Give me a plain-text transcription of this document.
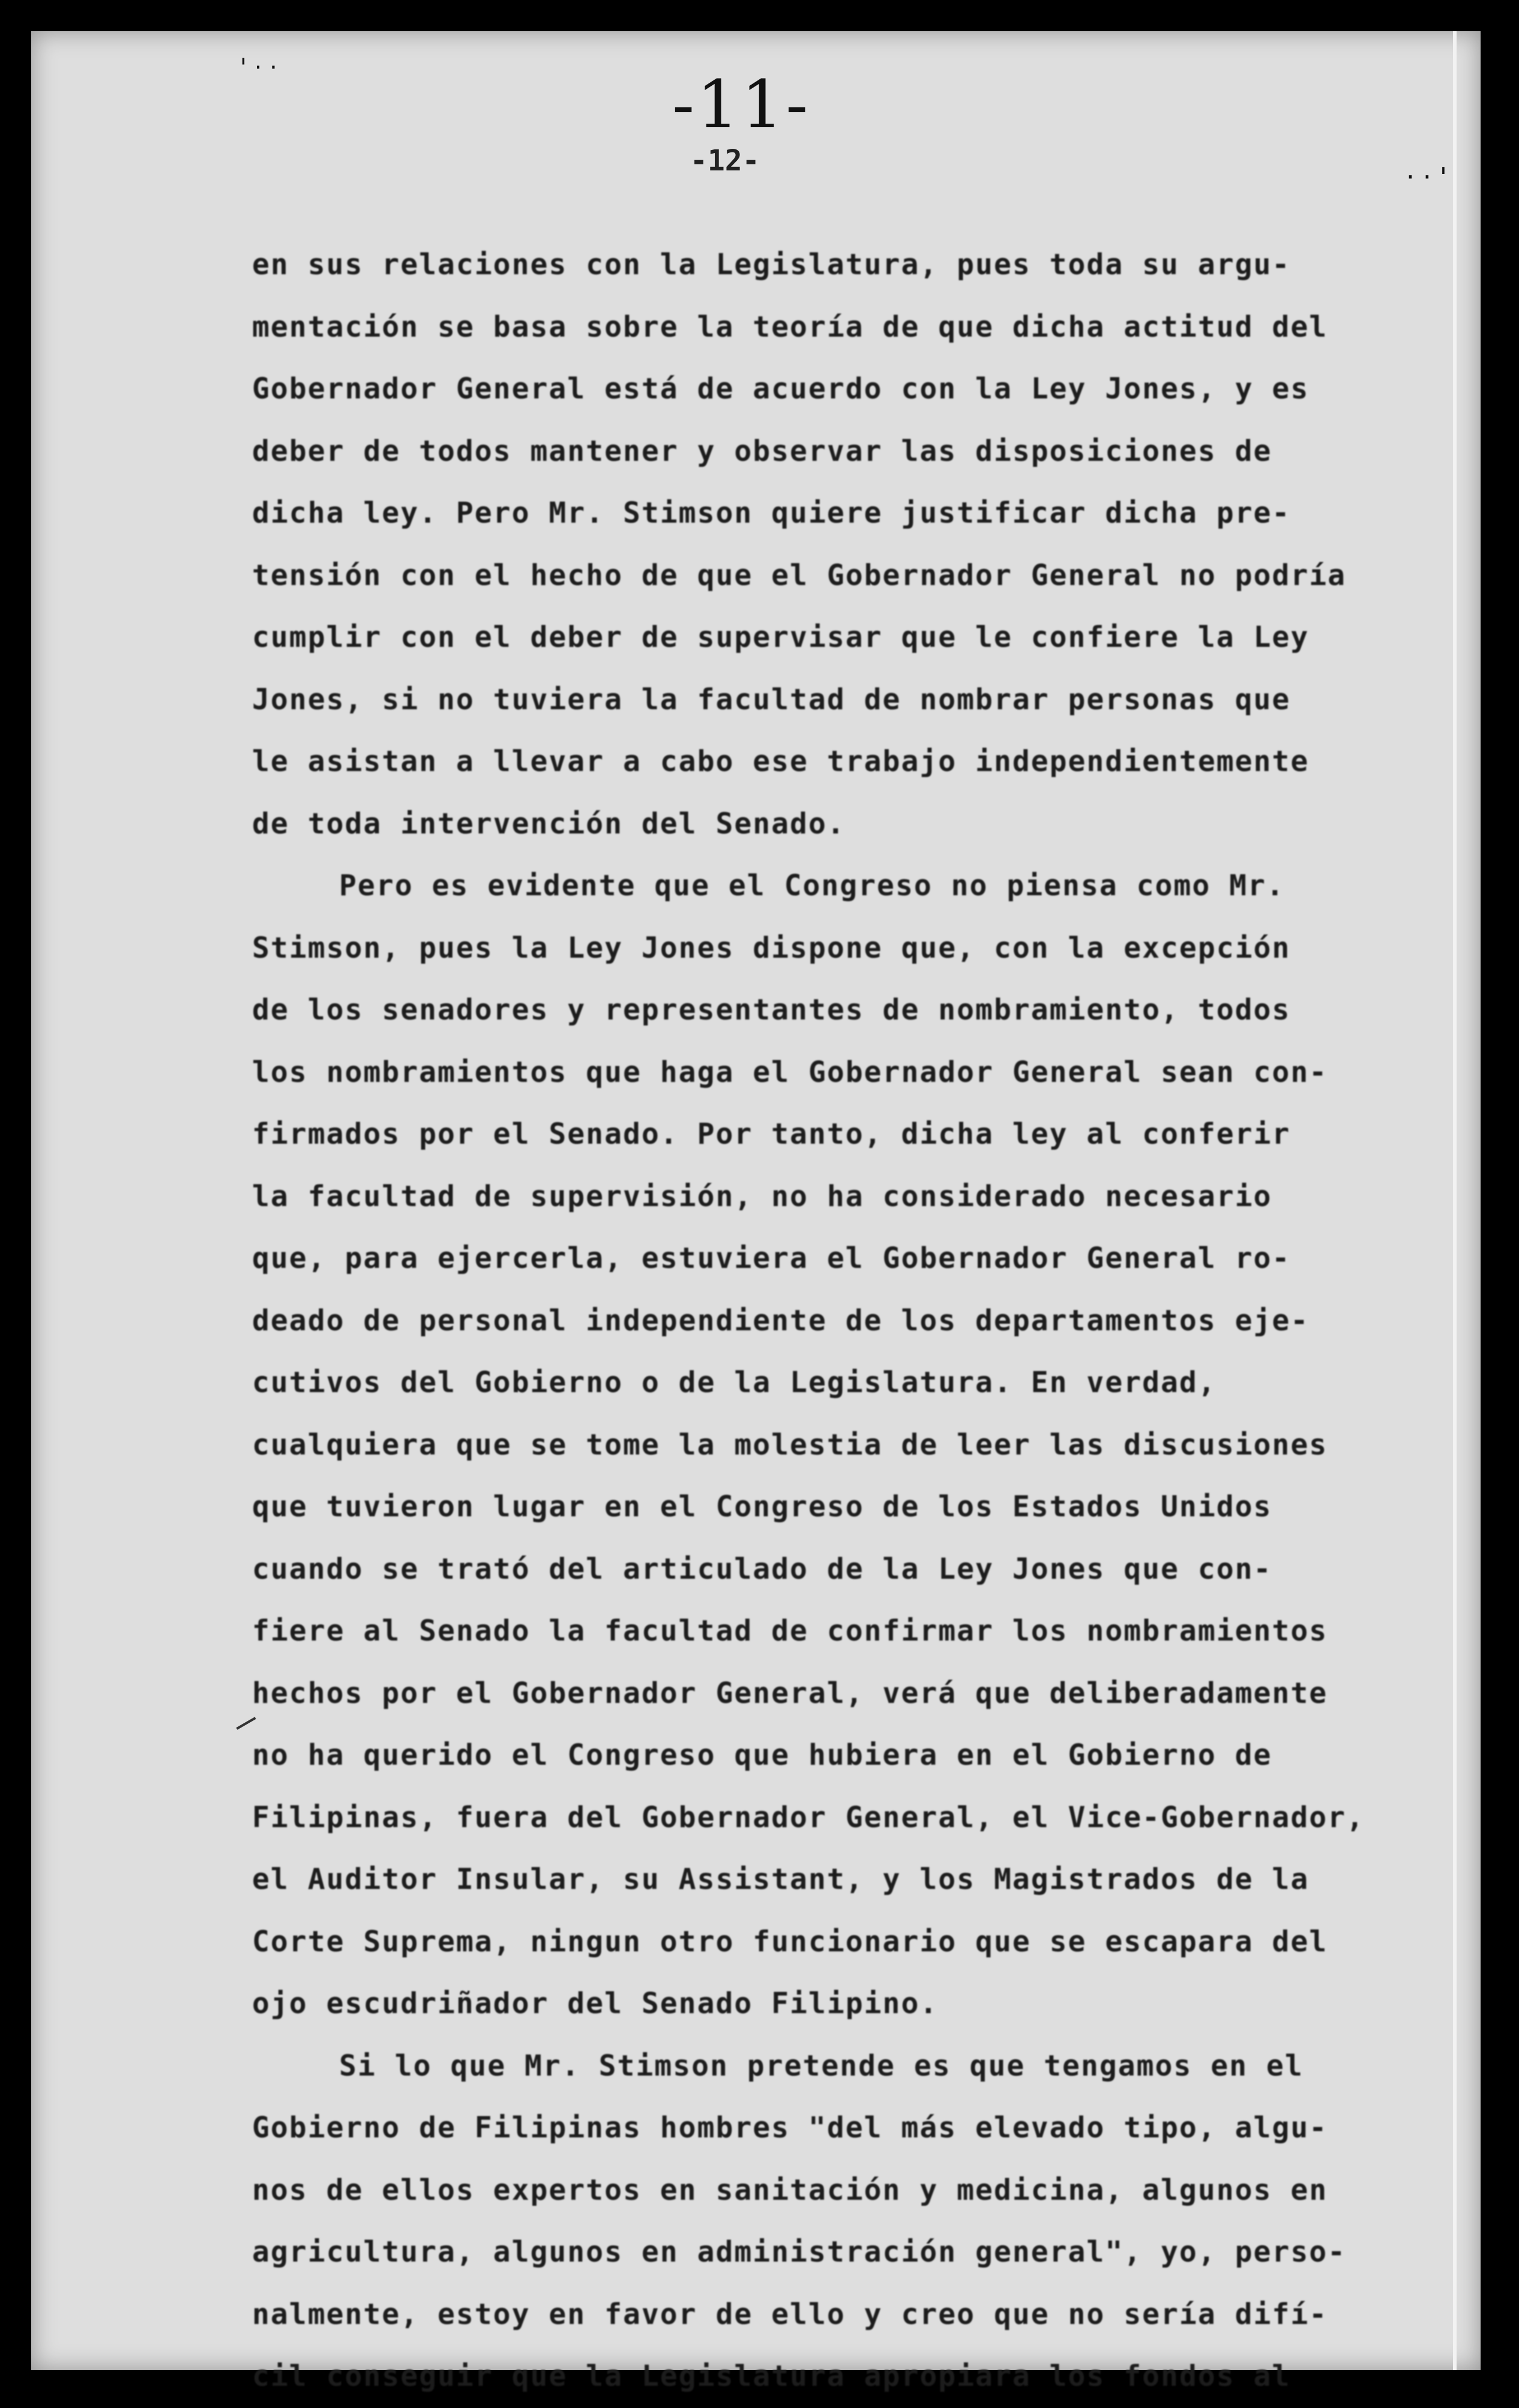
' · ·	-11-
-12-	· · '
en sus relaciones con la Legislatura, pues toda su argu-
mentación se basa sobre la teoría de que dicha actitud del
Gobernador General está de acuerdo con la Ley Jones, y es
deber de todos mantener y observar las disposiciones de
dicha ley. Pero Mr. Stimson quiere justificar dicha pre-
tensión con el hecho de que el Gobernador General no podría
cumplir con el deber de supervisar que le confiere la Ley
Jones, si no tuviera la facultad de nombrar personas que
le asistan a llevar a cabo ese trabajo independientemente
de toda intervención del Senado.
Pero es evidente que el Congreso no piensa como Mr.
Stimson, pues la Ley Jones dispone que, con la excepción
de los senadores y representantes de nombramiento, todos
los nombramientos que haga el Gobernador General sean con-
firmados por el Senado. Por tanto, dicha ley al conferir
la facultad de supervisión, no ha considerado necesario
que, para ejercerla, estuviera el Gobernador General ro-
deado de personal independiente de los departamentos eje-
cutivos del Gobierno o de la Legislatura. En verdad,
cualquiera que se tome la molestia de leer las discusiones
que tuvieron lugar en el Congreso de los Estados Unidos
cuando se trató del articulado de la Ley Jones que con-
fiere al Senado la facultad de confirmar los nombramientos
hechos por el Gobernador General, verá que deliberadamente
no ha querido el Congreso que hubiera en el Gobierno de
Filipinas, fuera del Gobernador General, el Vice-Gobernador,
el Auditor Insular, su Assistant, y los Magistrados de la
Corte Suprema, ningun otro funcionario que se escapara del
ojo escudriñador del Senado Filipino.
Si lo que Mr. Stimson pretende es que tengamos en el
Gobierno de Filipinas hombres "del más elevado tipo, algu-
nos de ellos expertos en sanitación y medicina, algunos en
agricultura, algunos en administración general", yo, perso-
nalmente, estoy en favor de ello y creo que no sería difí-
cil conseguir que la Legislatura apropiara los fondos al
